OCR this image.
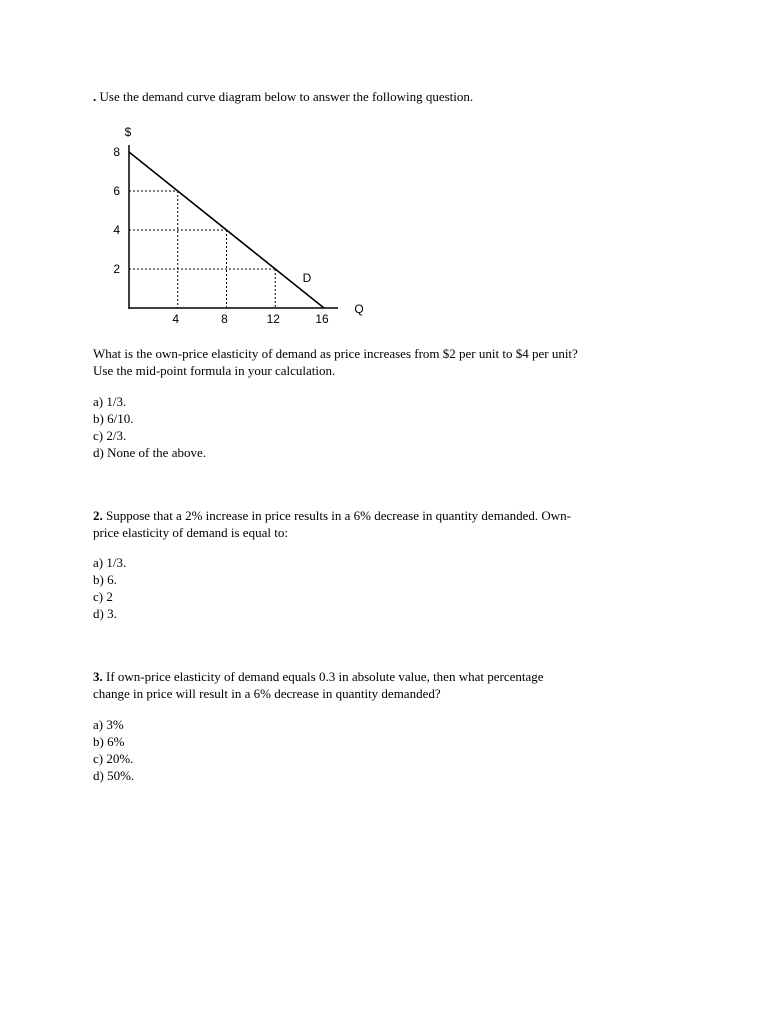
. Use the demand curve diagram below to answer the following question.
2
4
6
8
4	8	12	16
$
Q
D
What is the own-price elasticity of demand as price increases from $2 per unit to $4 per unit?
Use the mid-point formula in your calculation.
a) 1/3.
b) 6/10.
c) 2/3.
d) None of the above.
2. Suppose that a 2% increase in price results in a 6% decrease in quantity demanded. Own-
price elasticity of demand is equal to:
a) 1/3.
b) 6.
c) 2
d) 3.
3. If own-price elasticity of demand equals 0.3 in absolute value, then what percentage
change in price will result in a 6% decrease in quantity demanded?
a) 3%
b) 6%
c) 20%.
d) 50%.
